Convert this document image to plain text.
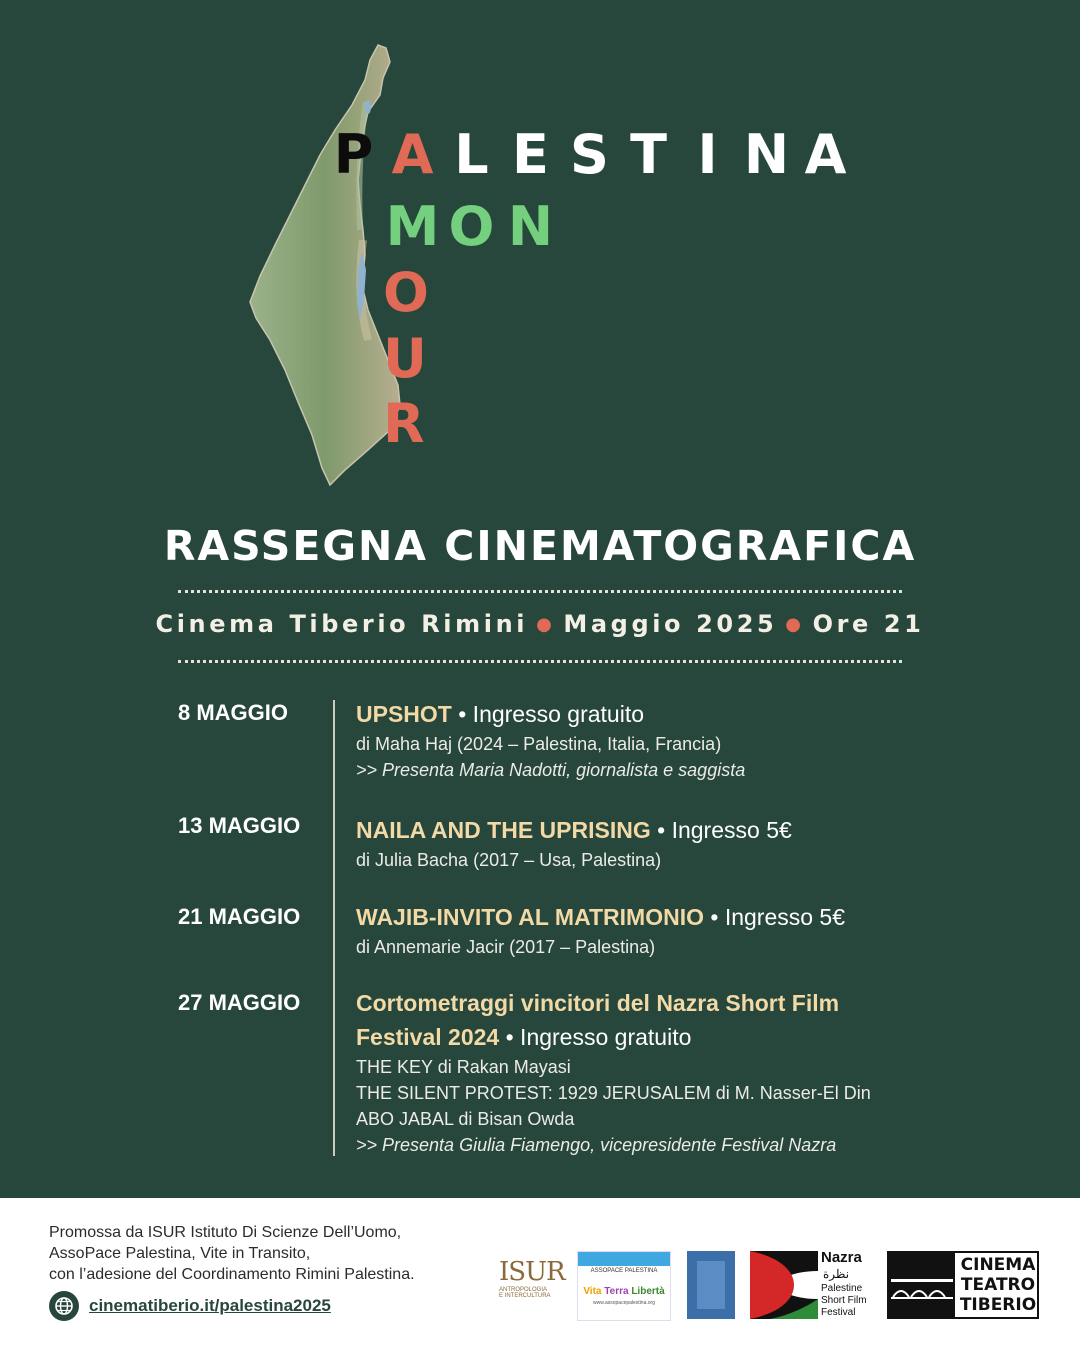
P A L E S T I N A
M O N
O
U
R
RASSEGNA CINEMATOGRAFICA
Cinema Tiberio Rimini ● Maggio 2025 ● Ore 21
8 MAGGIO	UPSHOT • Ingresso gratuito
di Maha Haj (2024 – Palestina, Italia, Francia)
>> Presenta Maria Nadotti, giornalista e saggista
13 MAGGIO NAILA AND THE UPRISING • Ingresso 5€
di Julia Bacha (2017 – Usa, Palestina)
21 MAGGIO WAJIB-INVITO AL MATRIMONIO • Ingresso 5€
di Annemarie Jacir (2017 – Palestina)
27 MAGGIO Cortometraggi vincitori del Nazra Short Film Festival 2024 • Ingresso gratuito
THE KEY di Rakan Mayasi
THE SILENT PROTEST: 1929 JERUSALEM di M. Nasser-El Din
ABO JABAL di Bisan Owda
>> Presenta Giulia Fiamengo, vicepresidente Festival Nazra
Promossa da ISUR Istituto Di Scienze Dell’Uomo,
AssoPace Palestina, Vite in Transito,
con l’adesione del Coordinamento Rimini Palestina.
cinematiberio.it/palestina2025
ISUR
ANTROPOLOGIA
E INTERCULTURA
ASSOPACE PALESTINA
Vita Terra Libertà
www.assopacepalestina.org
Nazra
نظرة
Palestine
Short Film
Festival
CINEMA
TEATRO
TIBERIO
